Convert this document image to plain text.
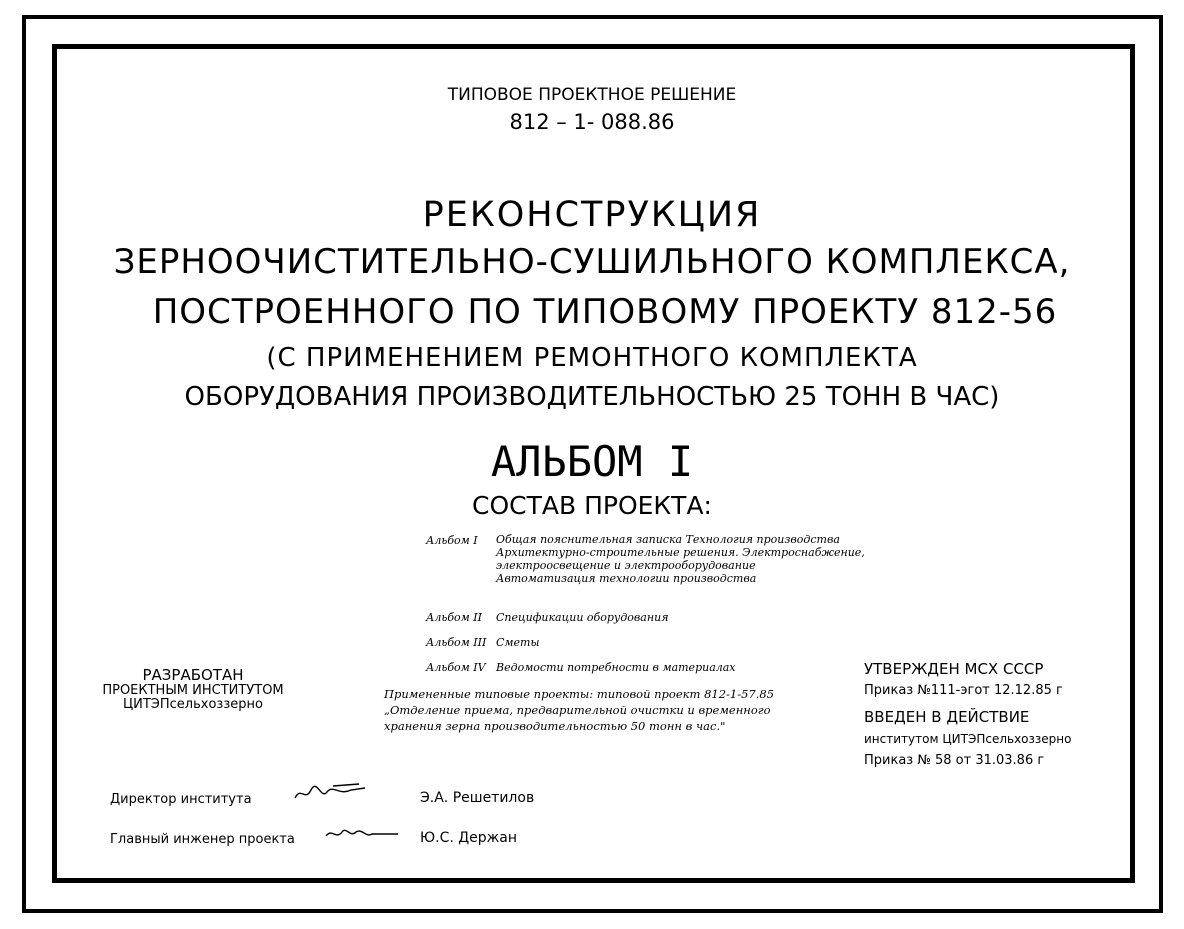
ТИПОВОЕ ПРОЕКТНОЕ РЕШЕНИЕ
812 – 1- 088.86
РЕКОНСТРУКЦИЯ
ЗЕРНООЧИСТИТЕЛЬНО-СУШИЛЬНОГО КОМПЛЕКСА,
ПОСТРОЕННОГО ПО ТИПОВОМУ ПРОЕКТУ 812-56
(С ПРИМЕНЕНИЕМ РЕМОНТНОГО КОМПЛЕКТА
ОБОРУДОВАНИЯ ПРОИЗВОДИТЕЛЬНОСТЬЮ 25 ТОНН В ЧАС)
АЛЬБОМ I
СОСТАВ ПРОЕКТА:
Альбом I Общая пояснительная записка Технология производства
Архитектурно-строительные решения. Электроснабжение,
электроосвещение и электрооборудование
Автоматизация технологии производства
Альбом II Спецификации оборудования
Альбом III Сметы
Альбом IV Ведомости потребности в материалах
Примененные типовые проекты: типовой проект 812-1-57.85
„Отделение приема, предварительной очистки и временного
хранения зерна производительностью 50 тонн в час."
РАЗРАБОТАН
ПРОЕКТНЫМ ИНСТИТУТОМ
ЦИТЭПсельхоззерно
УТВЕРЖДЕН МСХ СССР
Приказ №111-эгот 12.12.85 г
ВВЕДЕН В ДЕЙСТВИЕ
институтом ЦИТЭПсельхоззерно
Приказ № 58 от 31.03.86 г
Директор института	Э.А. Решетилов
Главный инженер проекта	Ю.С. Держан
